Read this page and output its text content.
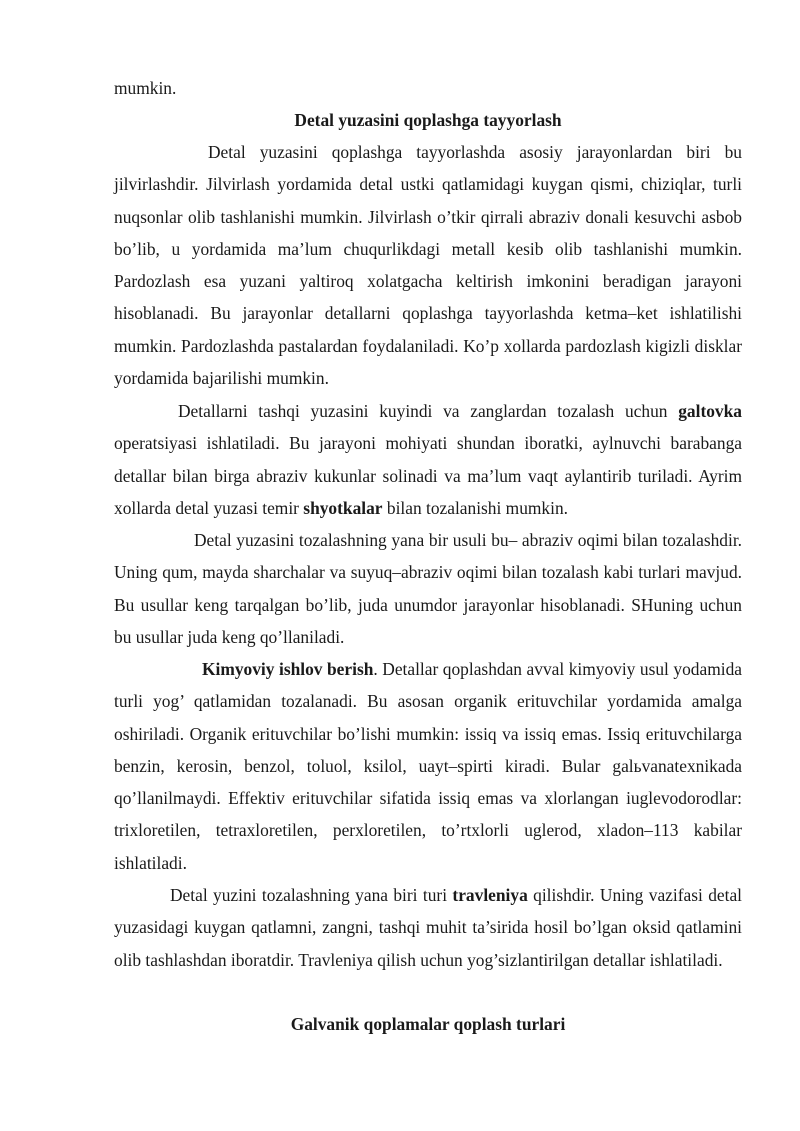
mumkin.

Detal yuzasini qoplashga tayyorlash

Detal yuzasini qoplashga tayyorlashda asosiy jarayonlardan biri bu jilvirlashdir. Jilvirlash yordamida detal ustki qatlamidagi kuygan qismi, chiziqlar, turli nuqsonlar olib tashlanishi mumkin. Jilvirlash o’tkir qirrali abraziv donali kesuvchi asbob bo’lib, u yordamida ma’lum chuqurlikdagi metall kesib olib tashlanishi mumkin. Pardozlash esa yuzani yaltiroq xolatgacha keltirish imkonini beradigan jarayoni hisoblanadi. Bu jarayonlar detallarni qoplashga tayyorlashda ketma–ket ishlatilishi mumkin. Pardozlashda pastalardan foydalaniladi. Ko’p xollarda pardozlash kigizli disklar yordamida bajarilishi mumkin.

Detallarni tashqi yuzasini kuyindi va zanglardan tozalash uchun galtovka operatsiyasi ishlatiladi. Bu jarayoni mohiyati shundan iboratki, aylnuvchi barabanga detallar bilan birga abraziv kukunlar solinadi va ma’lum vaqt aylantirib turiladi. Ayrim xollarda detal yuzasi temir shyotkalar bilan tozalanishi mumkin.

Detal yuzasini tozalashning yana bir usuli bu– abraziv oqimi bilan tozalashdir. Uning qum, mayda sharchalar va suyuq–abraziv oqimi bilan tozalash kabi turlari mavjud. Bu usullar keng tarqalgan bo’lib, juda unumdor jarayonlar hisoblanadi. SHuning uchun bu usullar juda keng qo’llaniladi.

Kimyoviy ishlov berish. Detallar qoplashdan avval kimyoviy usul yodamida turli yog’ qatlamidan tozalanadi. Bu asosan organik erituvchilar yordamida amalga oshiriladi. Organik erituvchilar bo’lishi mumkin: issiq va issiq emas. Issiq erituvchilarga benzin, kerosin, benzol, toluol, ksilol, uayt–spirti kiradi. Bular galьvanatexnikada qo’llanilmaydi. Effektiv erituvchilar sifatida issiq emas va xlorlangan iuglevodorodlar: trixloretilen, tetraxloretilen, perxloretilen, to’rtxlorli uglerod, xladon–113 kabilar ishlatiladi.

Detal yuzini tozalashning yana biri turi travleniya qilishdir. Uning vazifasi detal yuzasidagi kuygan qatlamni, zangni, tashqi muhit ta’sirida hosil bo’lgan oksid qatlamini olib tashlashdan iboratdir. Travleniya qilish uchun yog’sizlantirilgan detallar ishlatiladi.

Galvanik qoplamalar qoplash turlari
